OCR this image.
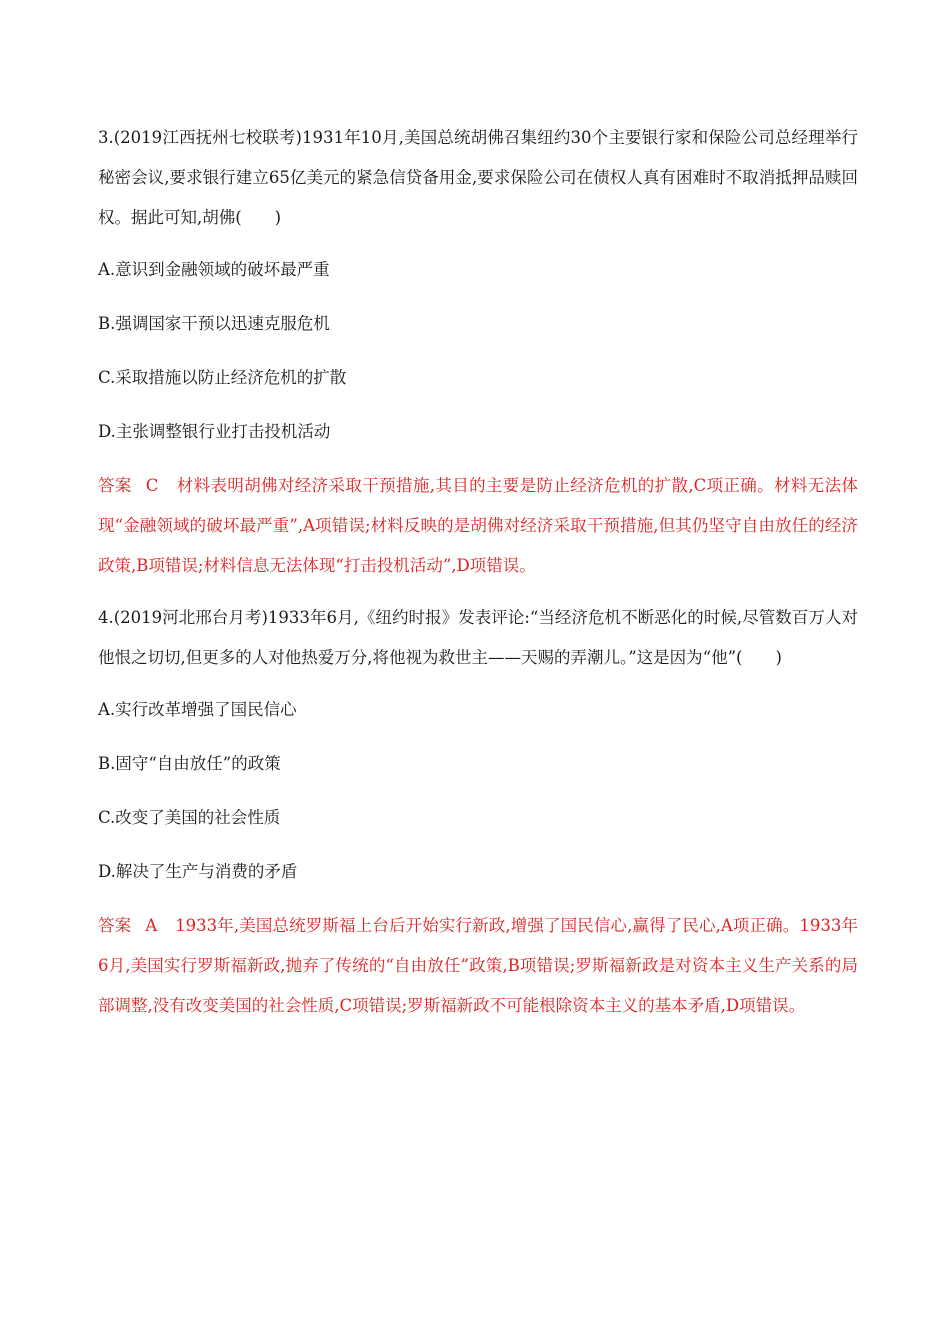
3.(2019江西抚州七校联考)1931年10月,美国总统胡佛召集纽约30个主要银行家和保险公司总经理举行秘密会议,要求银行建立65亿美元的紧急信贷备用金,要求保险公司在债权人真有困难时不取消抵押品赎回权。据此可知,胡佛(　　)

A.意识到金融领域的破坏最严重

B.强调国家干预以迅速克服危机

C.采取措施以防止经济危机的扩散

D.主张调整银行业打击投机活动

答案 C 材料表明胡佛对经济采取干预措施,其目的主要是防止经济危机的扩散,C项正确。材料无法体现“金融领域的破坏最严重”,A项错误;材料反映的是胡佛对经济采取干预措施,但其仍坚守自由放任的经济政策,B项错误;材料信息无法体现“打击投机活动”,D项错误。

4.(2019河北邢台月考)1933年6月,《纽约时报》发表评论:“当经济危机不断恶化的时候,尽管数百万人对他恨之切切,但更多的人对他热爱万分,将他视为救世主——天赐的弄潮儿。”这是因为“他”(　　)

A.实行改革增强了国民信心

B.固守“自由放任”的政策

C.改变了美国的社会性质

D.解决了生产与消费的矛盾

答案 A 1933年,美国总统罗斯福上台后开始实行新政,增强了国民信心,赢得了民心,A项正确。1933年6月,美国实行罗斯福新政,抛弃了传统的“自由放任”政策,B项错误;罗斯福新政是对资本主义生产关系的局部调整,没有改变美国的社会性质,C项错误;罗斯福新政不可能根除资本主义的基本矛盾,D项错误。
